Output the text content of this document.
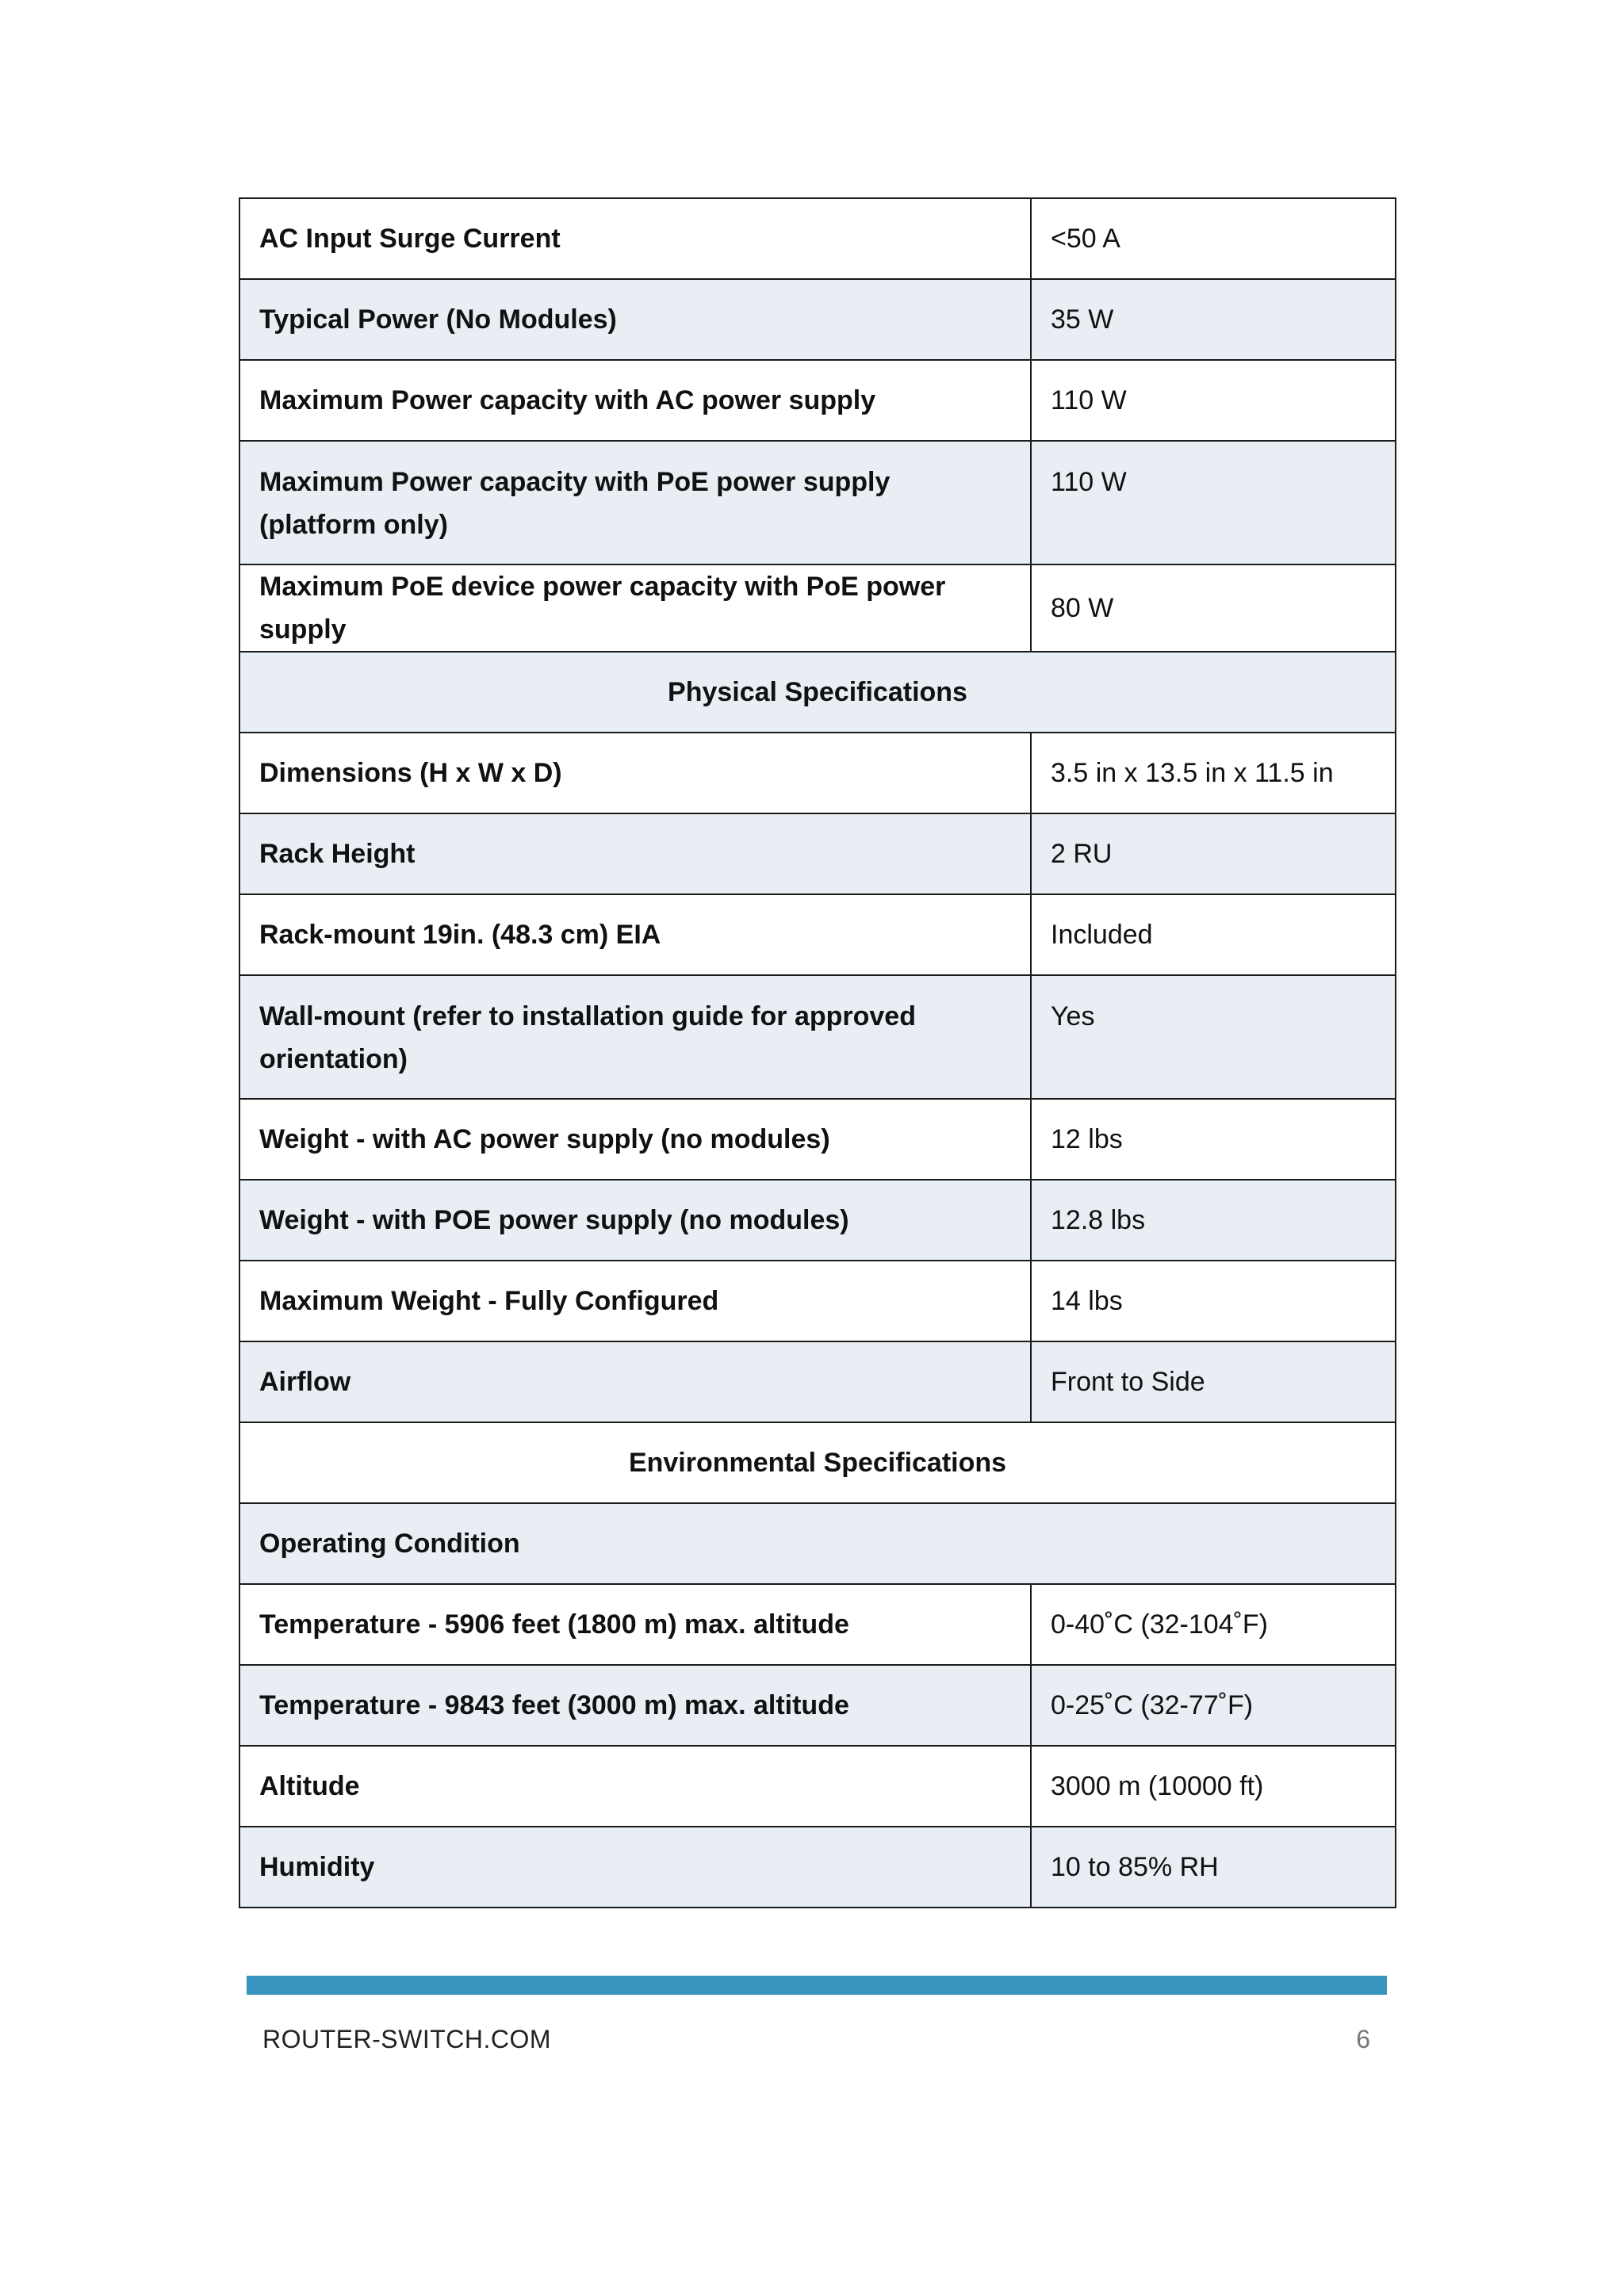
AC Input Surge Current	<50 A
Typical Power (No Modules)	35 W
Maximum Power capacity with AC power supply	110 W
Maximum Power capacity with PoE power supply (platform only)	110 W
Maximum PoE device power capacity with PoE power supply	80 W
Physical Specifications	
Dimensions (H x W x D)	3.5 in x 13.5 in x 11.5 in
Rack Height	2 RU
Rack-mount 19in. (48.3 cm) EIA	Included
Wall-mount (refer to installation guide for approved orientation)	Yes
Weight - with AC power supply (no modules)	12 lbs
Weight - with POE power supply (no modules)	12.8 lbs
Maximum Weight - Fully Configured	14 lbs
Airflow	Front to Side
Environmental Specifications	
Operating Condition	
Temperature - 5906 feet (1800 m) max. altitude	0-40˚C (32-104˚F)
Temperature - 9843 feet (3000 m) max. altitude	0-25˚C (32-77˚F)
Altitude	3000 m (10000 ft)
Humidity	10 to 85% RH
ROUTER-SWITCH.COM	6
